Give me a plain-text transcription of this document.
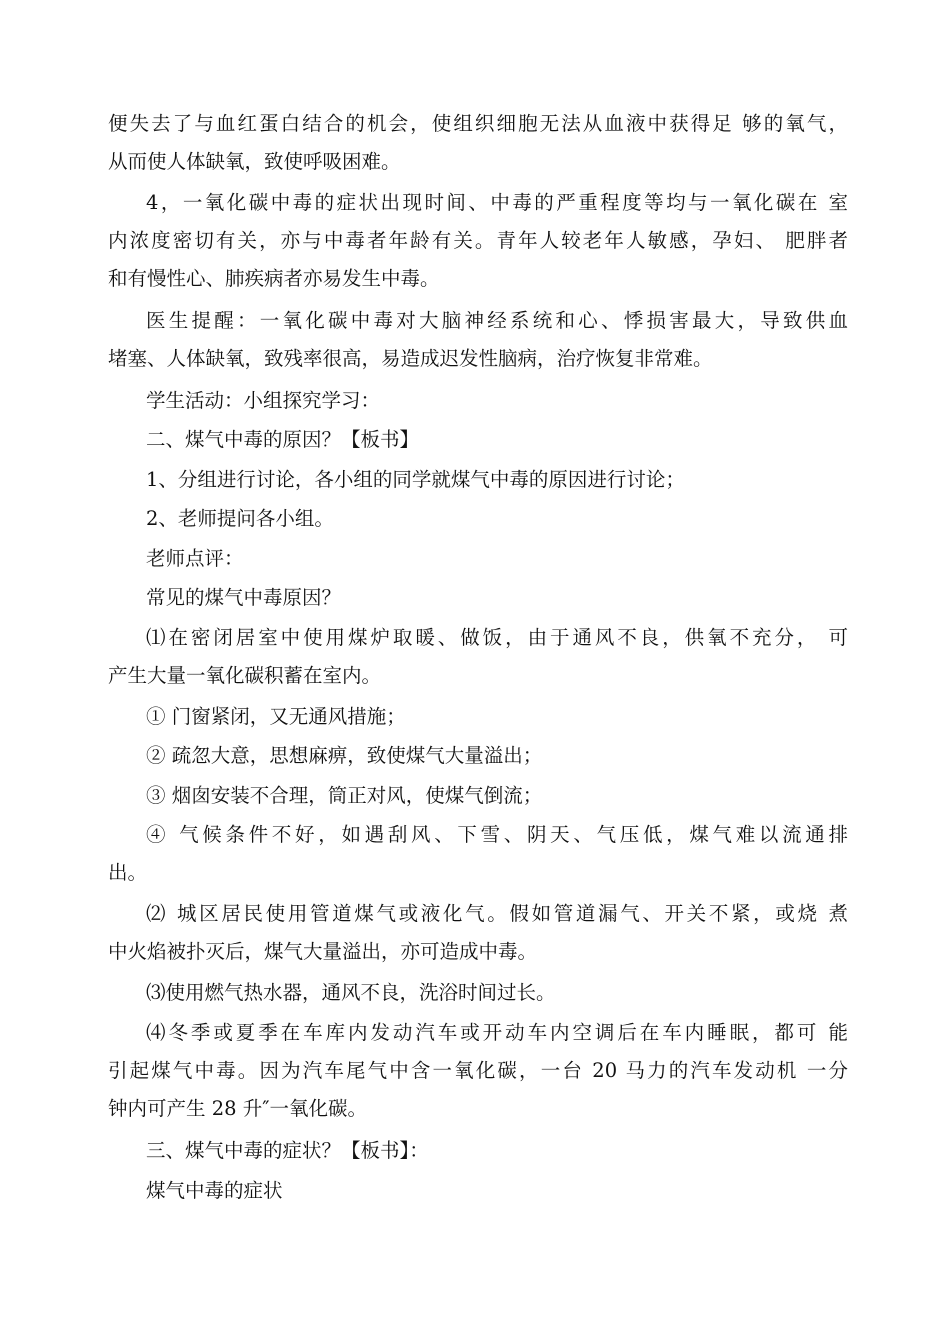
便失去了与血红蛋白结合的机会，使组织细胞无法从血液中获得足 够的氧气，
从而使人体缺氧，致使呼吸困难。

4，一氧化碳中毒的症状出现时间、中毒的严重程度等均与一氧化碳在 室
内浓度密切有关，亦与中毒者年龄有关。青年人较老年人敏感，孕妇、 肥胖者
和有慢性心、肺疾病者亦易发生中毒。

医生提醒：一氧化碳中毒对大脑神经系统和心、悸损害最大，导致供血
堵塞、人体缺氧，致残率很高，易造成迟发性脑病，治疗恢复非常难。

学生活动：小组探究学习：

二、煤气中毒的原因？【板书】

1、分组进行讨论，各小组的同学就煤气中毒的原因进行讨论；

2、老师提问各小组。

老师点评：

常见的煤气中毒原因？

⑴在密闭居室中使用煤炉取暖、做饭，由于通风不良，供氧不充分， 可
产生大量一氧化碳积蓄在室内。

① 门窗紧闭，又无通风措施；

② 疏忽大意，思想麻痹，致使煤气大量溢出；

③ 烟囱安装不合理，筒正对风，使煤气倒流；

④ 气候条件不好，如遇刮风、下雪、阴天、气压低，煤气难以流通排
出。

⑵ 城区居民使用管道煤气或液化气。假如管道漏气、开关不紧，或烧 煮
中火焰被扑灭后，煤气大量溢出，亦可造成中毒。

⑶使用燃气热水器，通风不良，洗浴时间过长。

⑷冬季或夏季在车库内发动汽车或开动车内空调后在车内睡眠，都可 能
引起煤气中毒。因为汽车尾气中含一氧化碳，一台 20 马力的汽车发动机 一分
钟内可产生 28 升″一氧化碳。

三、煤气中毒的症状？【板书】：

煤气中毒的症状
